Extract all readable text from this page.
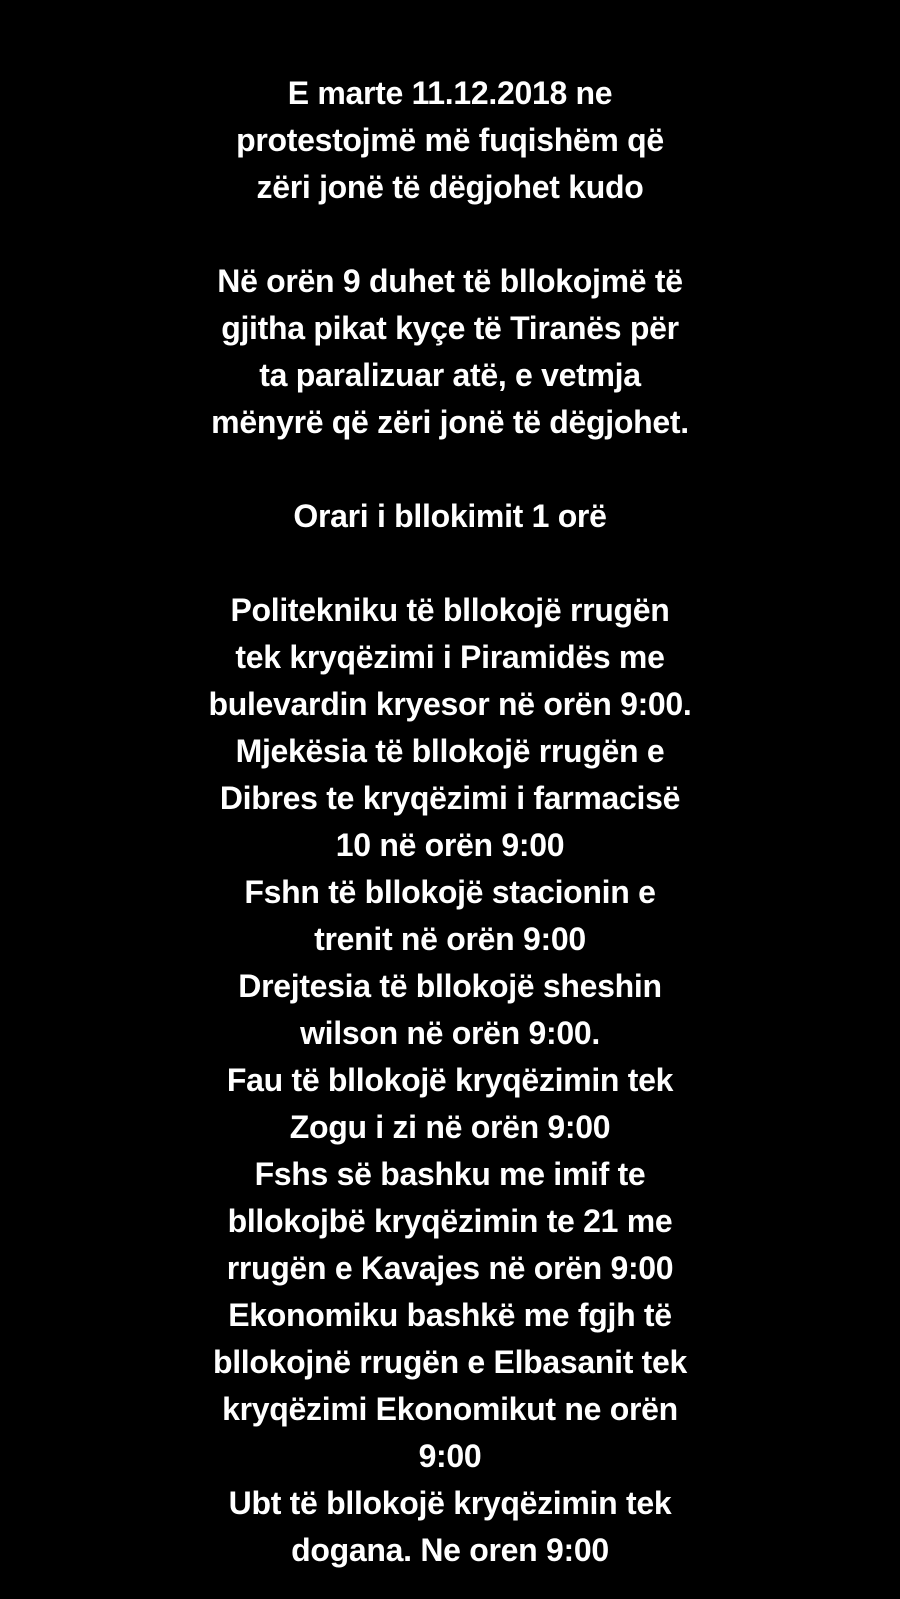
E marte 11.12.2018 ne
protestojmë më fuqishëm që
zëri jonë të dëgjohet kudo
Në orën 9 duhet të bllokojmë të
gjitha pikat kyçe të Tiranës për
ta paralizuar atë, e vetmja
mënyrë që zëri jonë të dëgjohet.
Orari i bllokimit 1 orë
Politekniku të bllokojë rrugën
tek kryqëzimi i Piramidës me
bulevardin kryesor në orën 9:00.
Mjekësia të bllokojë rrugën e
Dibres te kryqëzimi i farmacisë
10 në orën 9:00
Fshn të bllokojë stacionin e
trenit në orën 9:00
Drejtesia të bllokojë sheshin
wilson në orën 9:00.
Fau të bllokojë kryqëzimin tek
Zogu i zi në orën 9:00
Fshs së bashku me imif te
bllokojbë kryqëzimin te 21 me
rrugën e Kavajes në orën 9:00
Ekonomiku bashkë me fgjh të
bllokojnë rrugën e Elbasanit tek
kryqëzimi Ekonomikut ne orën
9:00
Ubt të bllokojë kryqëzimin tek
dogana. Ne oren 9:00
